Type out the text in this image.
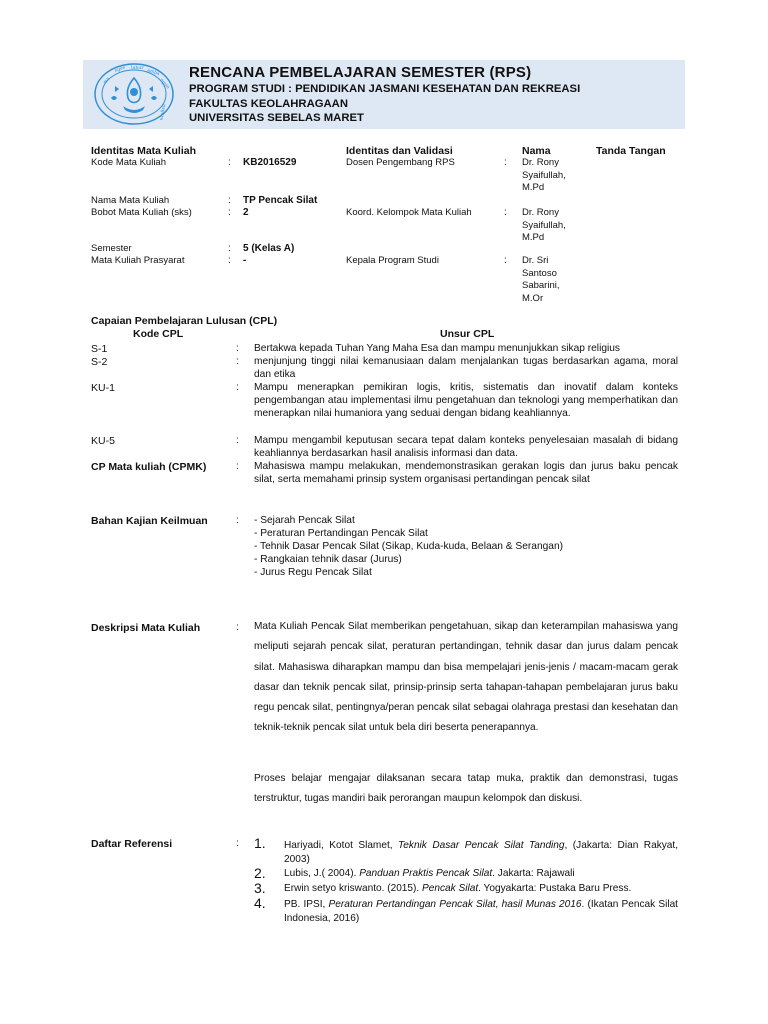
ma
nges luhur amba
ngun
nagara
RENCANA PEMBELAJARAN SEMESTER (RPS)
PROGRAM STUDI : PENDIDIKAN JASMANI KESEHATAN DAN REKREASI
FAKULTAS KEOLAHRAGAAN
UNIVERSITAS SEBELAS MARET
Identitas Mata Kuliah	Identitas dan Validasi	Nama	Tanda Tangan
Kode Mata Kuliah	: KB2016529
Nama Mata Kuliah	: TP Pencak Silat
Bobot Mata Kuliah (sks)	: 2
Semester	: 5 (Kelas A)
Mata Kuliah Prasyarat	: -
Dosen Pengembang RPS	: Dr. Rony
Syaifullah,
M.Pd
Koord. Kelompok Mata Kuliah	: Dr. Rony
Syaifullah,
M.Pd
Kepala Program Studi	: Dr. Sri
Santoso
Sabarini,
M.Or
Capaian Pembelajaran Lulusan (CPL)
Kode CPL	Unsur CPL
S-1	: Bertakwa kepada Tuhan Yang Maha Esa dan mampu menunjukkan sikap religius
S-2	: menjunjung tinggi nilai kemanusiaan dalam menjalankan tugas berdasarkan agama, moral dan etika
KU-1	: Mampu menerapkan pemikiran logis, kritis, sistematis dan inovatif dalam konteks pengembangan atau implementasi ilmu pengetahuan dan teknologi yang memperhatikan dan menerapkan nilai humaniora yang seduai dengan bidang keahliannya.
KU-5	: Mampu mengambil keputusan secara tepat dalam konteks penyelesaian masalah di bidang keahliannya berdasarkan hasil analisis informasi dan data.
CP Mata kuliah (CPMK)	: Mahasiswa mampu melakukan, mendemonstrasikan gerakan logis dan jurus baku pencak silat, serta memahami prinsip system organisasi pertandingan pencak silat
Bahan Kajian Keilmuan	: - Sejarah Pencak Silat
- Peraturan Pertandingan Pencak Silat
- Tehnik Dasar Pencak Silat (Sikap, Kuda-kuda, Belaan & Serangan)
- Rangkaian tehnik dasar (Jurus)
- Jurus Regu Pencak Silat
Deskripsi Mata Kuliah	: Mata Kuliah Pencak Silat memberikan pengetahuan, sikap dan keterampilan mahasiswa yang meliputi sejarah pencak silat, peraturan pertandingan, tehnik dasar dan jurus dalam pencak silat. Mahasiswa diharapkan mampu dan bisa mempelajari jenis-jenis / macam-macam gerak dasar dan teknik pencak silat, prinsip-prinsip serta tahapan-tahapan pembelajaran jurus baku regu pencak silat, pentingnya/peran pencak silat sebagai olahraga prestasi dan kesehatan dan teknik-teknik pencak silat untuk bela diri beserta penerapannya.
Proses belajar mengajar dilaksanan secara tatap muka, praktik dan demonstrasi, tugas terstruktur, tugas mandiri baik perorangan maupun kelompok dan diskusi.
Daftar Referensi	: 1.	Hariyadi, Kotot Slamet, Teknik Dasar Pencak Silat Tanding, (Jakarta: Dian Rakyat, 2003)
2.	Lubis, J.( 2004). Panduan Praktis Pencak Silat. Jakarta: Rajawali
3.	Erwin setyo kriswanto. (2015). Pencak Silat. Yogyakarta: Pustaka Baru Press.
4.	PB. IPSI, Peraturan Pertandingan Pencak Silat, hasil Munas 2016. (Ikatan Pencak Silat Indonesia, 2016)
